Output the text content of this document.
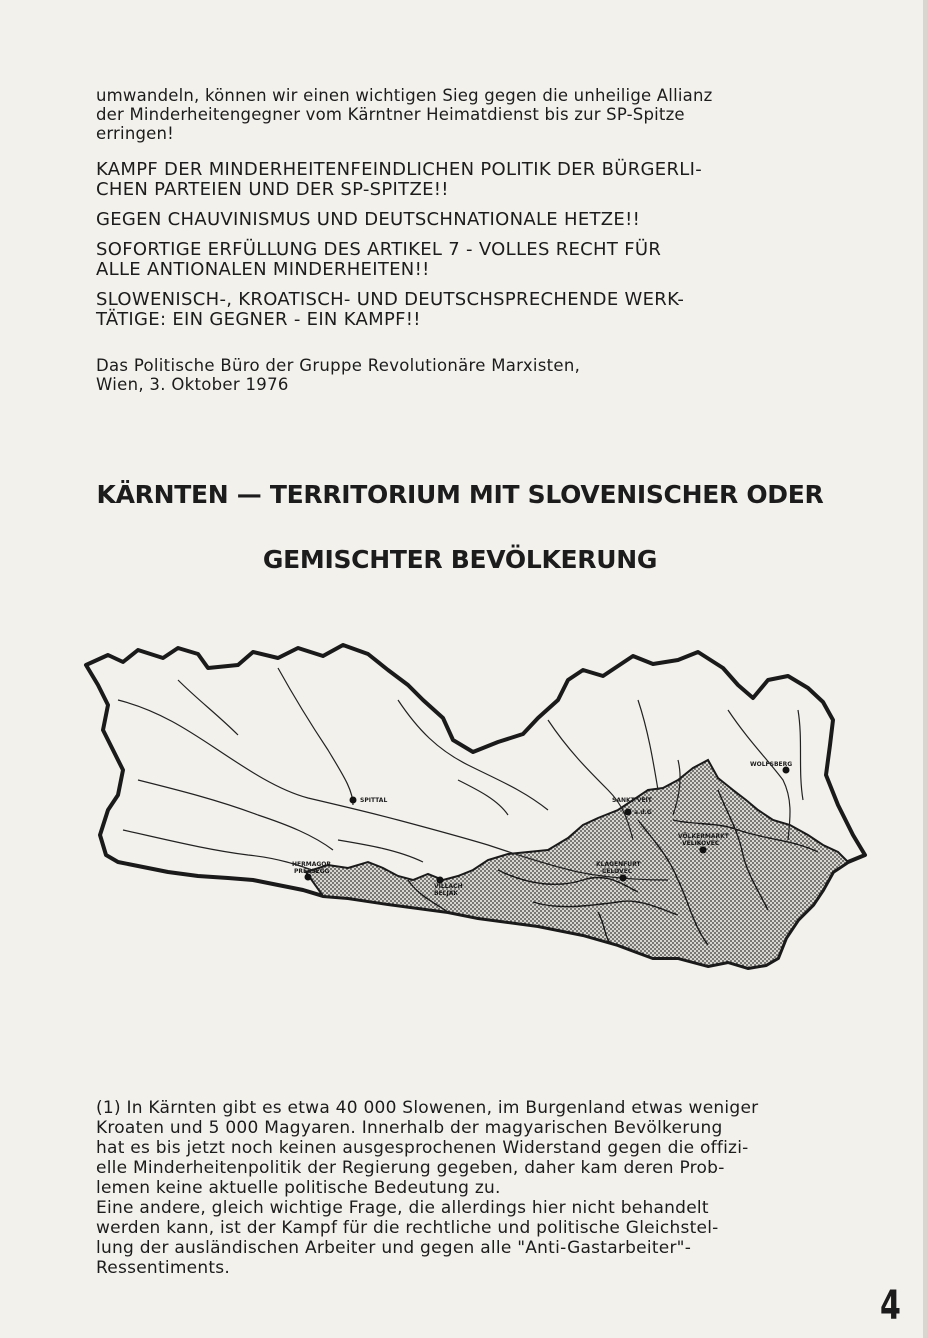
umwandeln, können wir einen wichtigen Sieg gegen die unheilige Allianz

der Minderheitengegner vom Kärntner Heimatdienst bis zur SP-Spitze

erringen!

KAMPF DER MINDERHEITENFEINDLICHEN POLITIK DER BÜRGERLI-
CHEN PARTEIEN UND DER SP-SPITZE!!

GEGEN CHAUVINISMUS UND DEUTSCHNATIONALE HETZE!!

SOFORTIGE ERFÜLLUNG DES ARTIKEL 7 - VOLLES RECHT FÜR
ALLE ANTIONALEN MINDERHEITEN!!

SLOWENISCH-, KROATISCH- UND DEUTSCHSPRECHENDE WERK-
TÄTIGE: EIN GEGNER - EIN KAMPF!!

Das Politische Büro der Gruppe Revolutionäre Marxisten,

Wien, 3. Oktober 1976

KÄRNTEN — TERRITORIUM MIT SLOVENISCHER ODER
GEMISCHTER BEVÖLKERUNG
SPITTAL	SANKT VEIT
a.d.G
WOLFSBERG
HERMAGOR
PRESSEGG
VILLACH
BELJAK
KLAGENFURT
CELOVEC
VÖLKERMARKT
VELIKOVEC

(1) In Kärnten gibt es etwa 40 000 Slowenen, im Burgenland etwas weniger

Kroaten und 5 000 Magyaren. Innerhalb der magyarischen Bevölkerung

hat es bis jetzt noch keinen ausgesprochenen Widerstand gegen die offizi-

elle Minderheitenpolitik der Regierung gegeben, daher kam deren Prob-

lemen keine aktuelle politische Bedeutung zu.

Eine andere, gleich wichtige Frage, die allerdings hier nicht behandelt

werden kann, ist der Kampf für die rechtliche und politische Gleichstel-

lung der ausländischen Arbeiter und gegen alle "Anti-Gastarbeiter"-

Ressentiments.

4
